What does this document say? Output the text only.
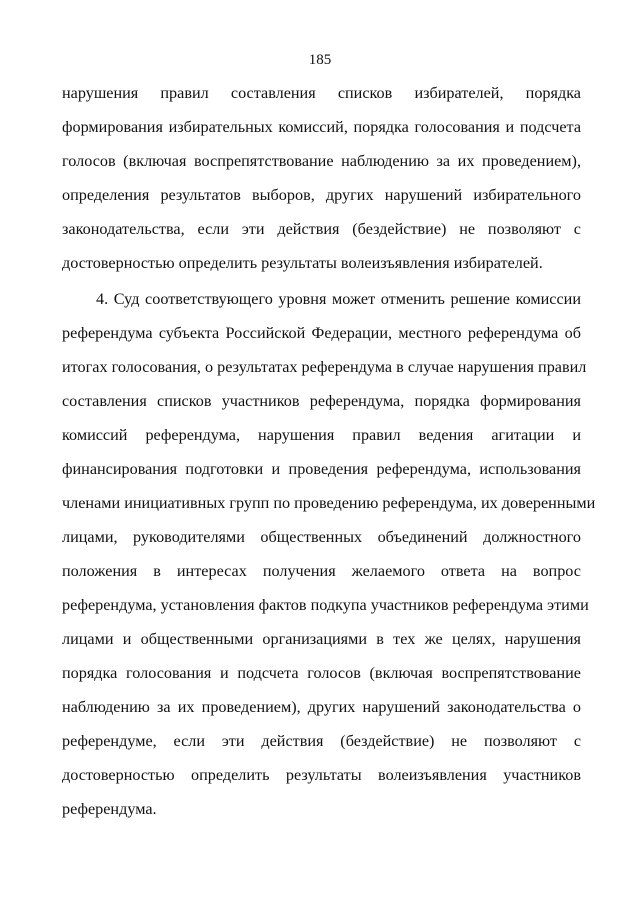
185
нарушения правил составления списков избирателей, порядка
формирования избирательных комиссий, порядка голосования и подсчета
голосов (включая воспрепятствование наблюдению за их проведением),
определения результатов выборов, других нарушений избирательного
законодательства, если эти действия (бездействие) не позволяют с
достоверностью определить результаты волеизъявления избирателей.
4. Суд соответствующего уровня может отменить решение комиссии
референдума субъекта Российской Федерации, местного референдума об
итогах голосования, о результатах референдума в случае нарушения правил
составления списков участников референдума, порядка формирования
комиссий референдума, нарушения правил ведения агитации и
финансирования подготовки и проведения референдума, использования
членами инициативных групп по проведению референдума, их доверенными
лицами, руководителями общественных объединений должностного
положения в интересах получения желаемого ответа на вопрос
референдума, установления фактов подкупа участников референдума этими
лицами и общественными организациями в тех же целях, нарушения
порядка голосования и подсчета голосов (включая воспрепятствование
наблюдению за их проведением), других нарушений законодательства о
референдуме, если эти действия (бездействие) не позволяют с
достоверностью определить результаты волеизъявления участников
референдума.
